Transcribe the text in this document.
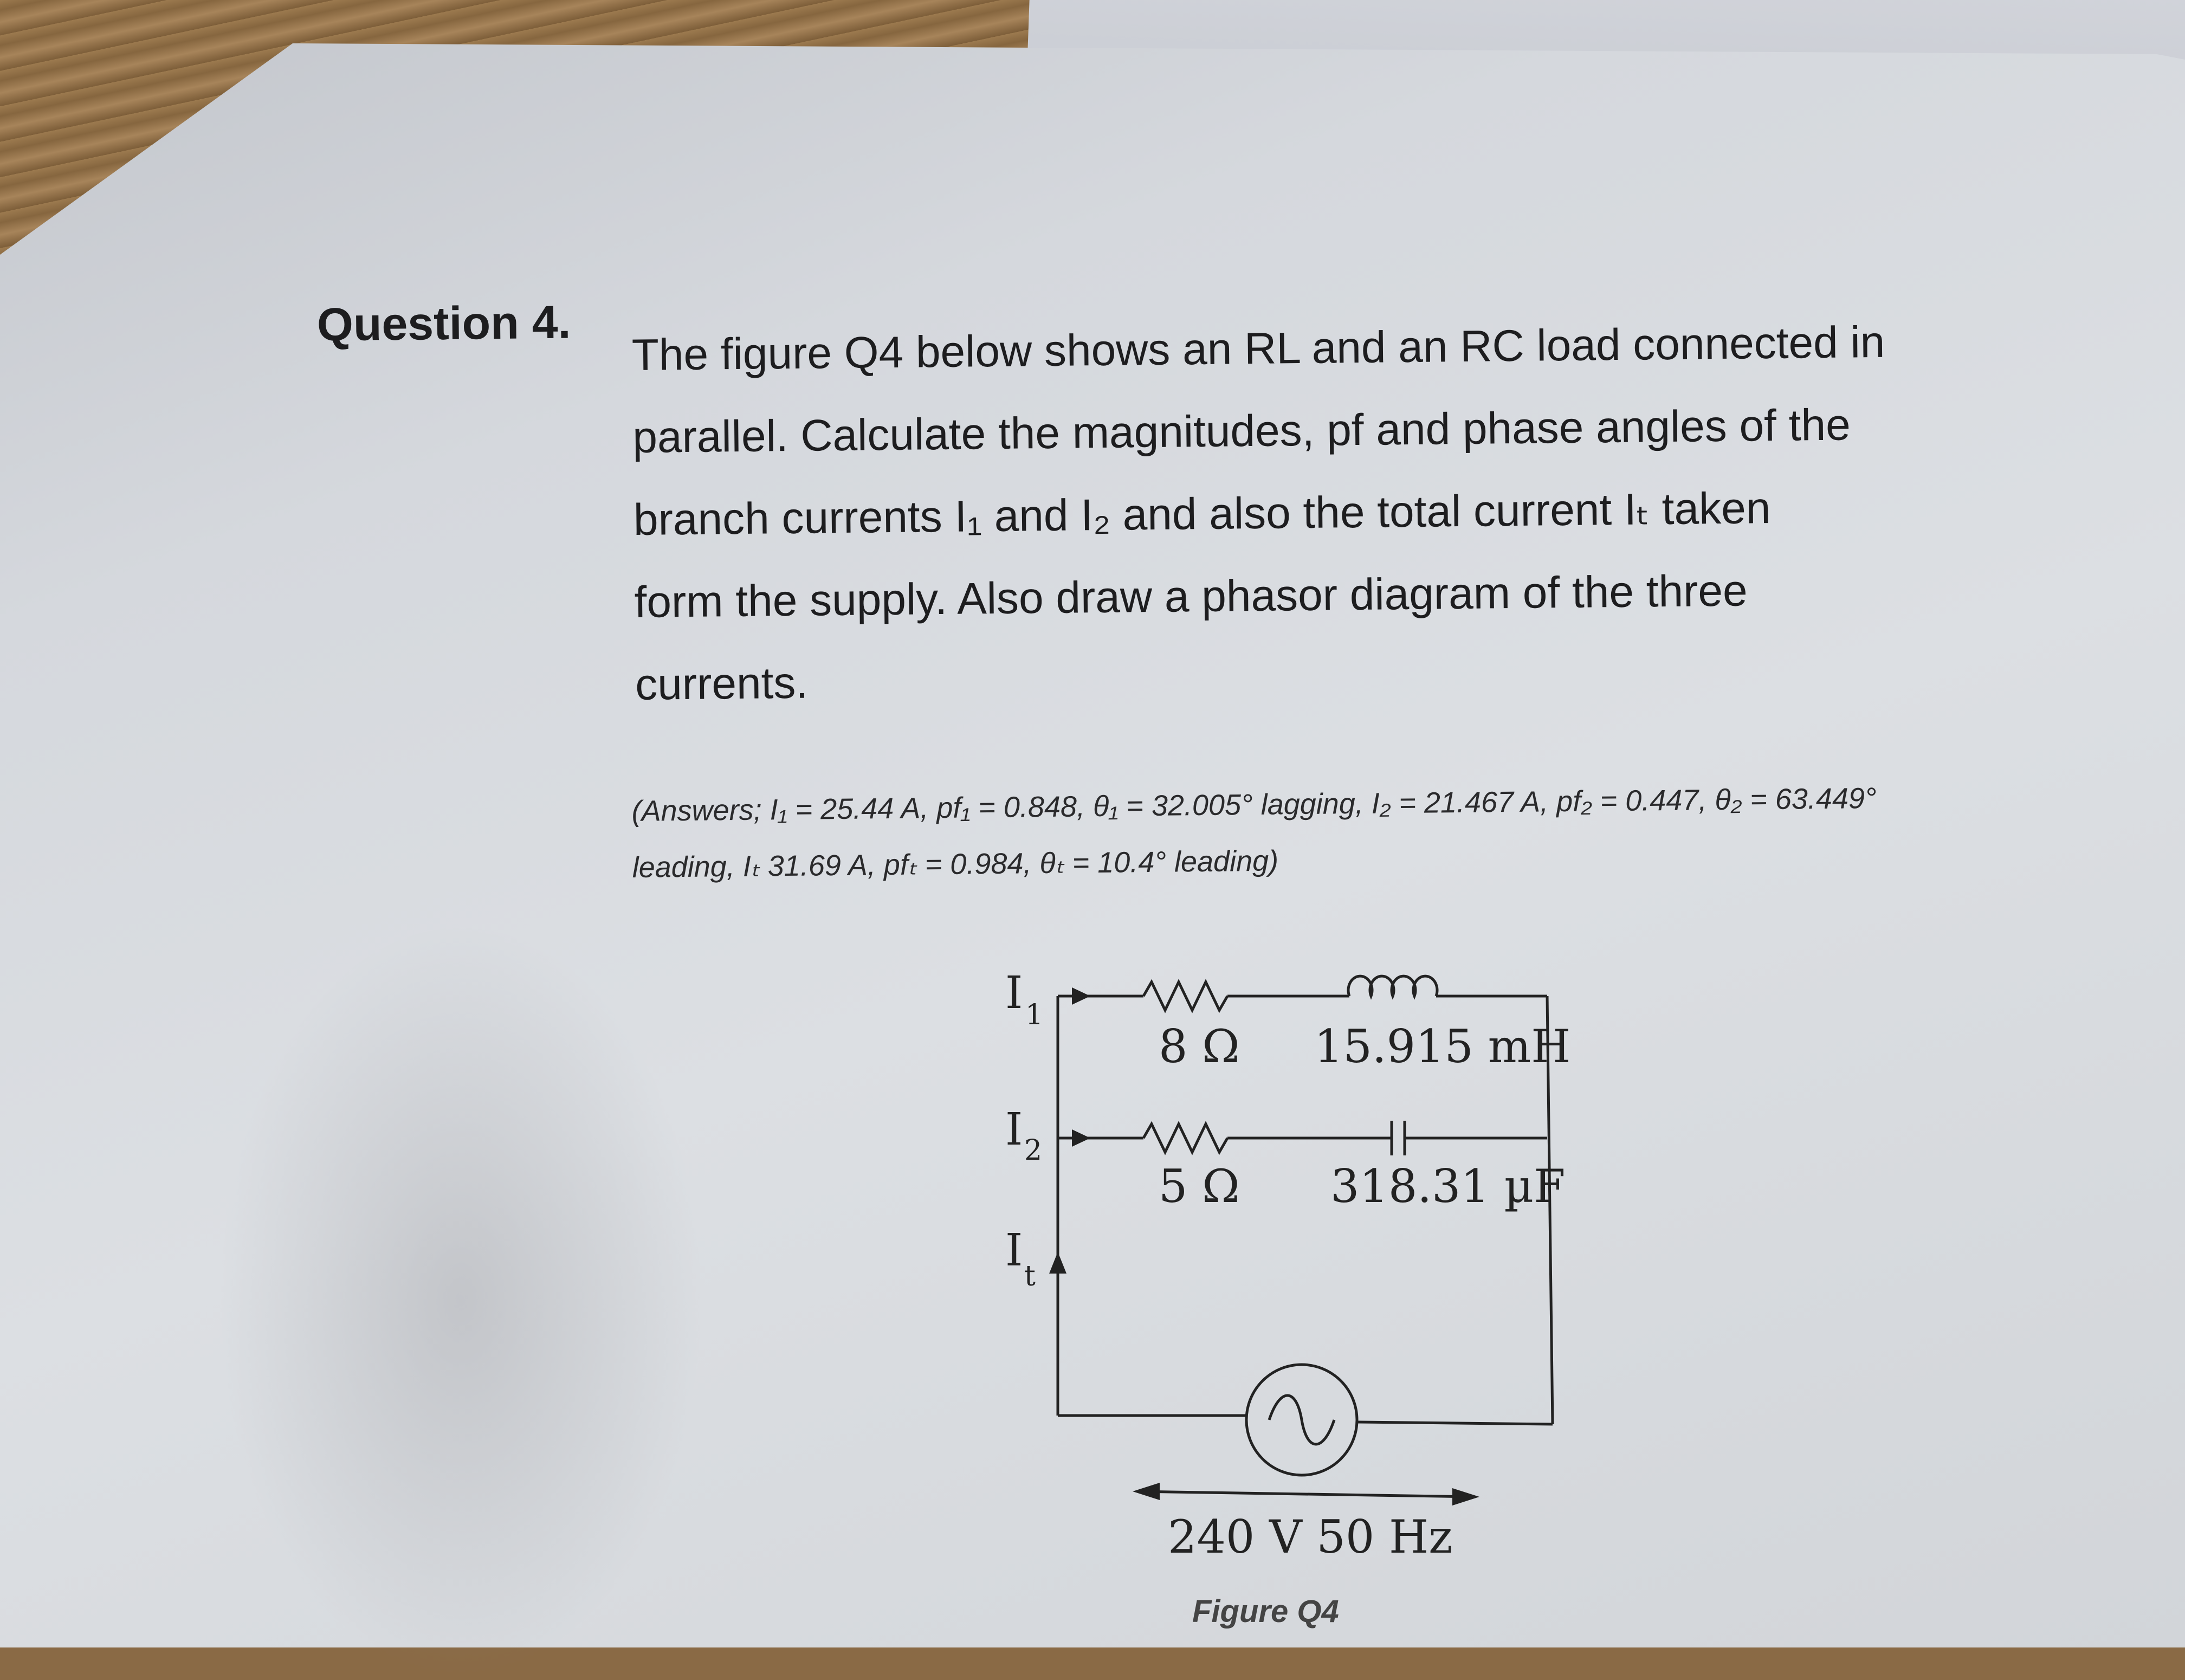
Question 4. The figure Q4 below shows an RL and an RC load connected in
parallel. Calculate the magnitudes, pf and phase angles of the
branch currents I₁ and I₂ and also the total current Iₜ taken
form the supply. Also draw a phasor diagram of the three
currents.
(Answers; I₁ = 25.44 A, pf₁ = 0.848, θ₁ = 32.005° lagging, I₂ = 21.467 A, pf₂ = 0.447, θ₂ = 63.449°
leading, Iₜ 31.69 A, pfₜ = 0.984, θₜ = 10.4° leading)
I 1
I 2
I t
8 Ω 15.915 mH
5 Ω 318.31 µF
240 V 50 Hz
Figure Q4
